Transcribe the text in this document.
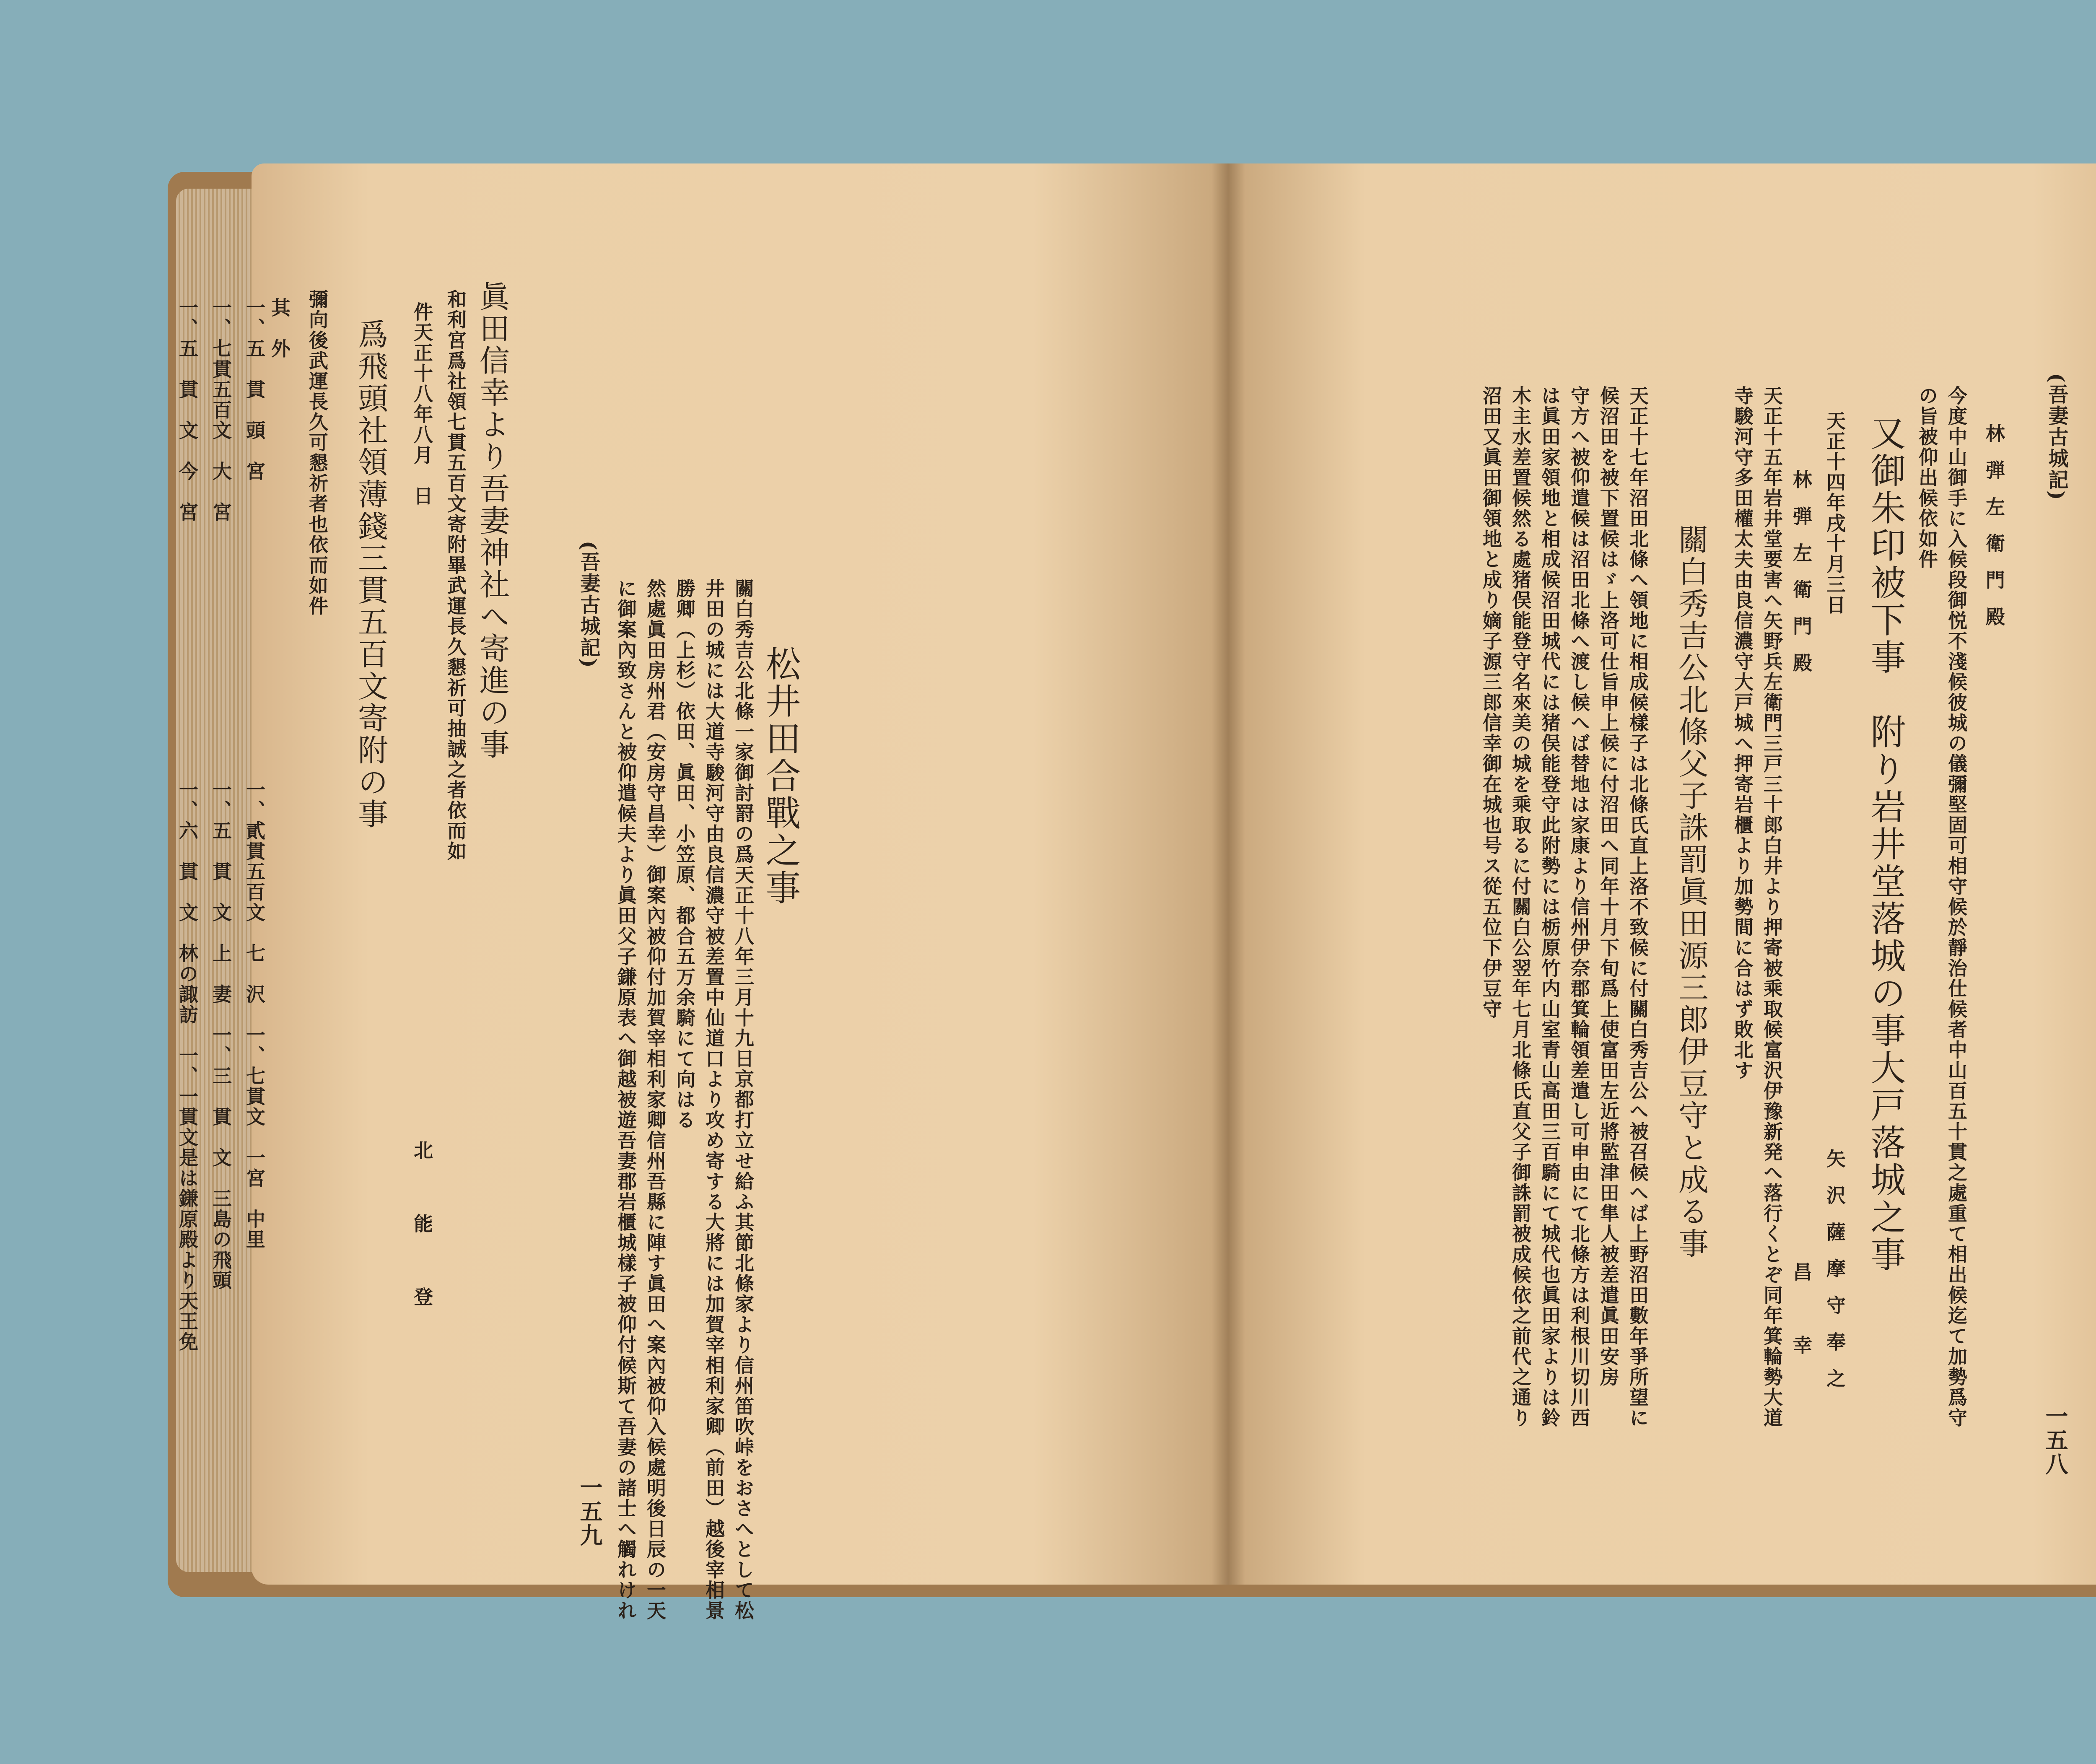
眞田信幸より吾妻神社へ寄進の事
和利宮爲社領七貫五百文寄附畢武運長久懇祈可抽誠之者依而如
件天正十八年八月　日
北　能　登
爲飛頭社領薄錢三貫五百文寄附の事
彌向後武運長久可懇祈者也依而如件
其　外
一、五　貫　頭　宮
一、七貫五百文　大　宮
一、五　貫　文　今　宮
一、貳貫五百文　七　沢　一、七貫文　一宮　中里
一、五　貫　文　上　妻　一、三　貫　文　三島の飛頭
一、六　貫　文　林の諏訪　一、一貫文是は鎌原殿より天王免
松井田合戰之事
關白秀吉公北條一家御討罸の爲天正十八年三月十九日京都打立せ給ふ其節北條家より信州笛吹峠をおさへとして松
井田の城には大道寺駿河守由良信濃守被差置中仙道口より攻め寄する大將には加賀宰相利家卿（前田）越後宰相景
勝卿（上杉）依田、眞田、小笠原、都合五万余騎にて向はる
然處眞田房州君（安房守昌幸）御案內被仰付加賀宰相利家卿信州吾縣に陣す眞田へ案內被仰入候處明後日辰の一天
に御案內致さんと被仰遣候夫より眞田父子鎌原表へ御越被遊吾妻郡岩櫃城樣子被仰付候斯て吾妻の諸士へ觸れけれ
(吾妻古城記)
一五九
(吾妻古城記)
一五八
林弾左衛門殿
今度中山御手に入候段御悦不淺候彼城の儀彌堅固可相守候於靜治仕候者中山百五十貫之處重て相出候迄て加勢爲守
の旨被仰出候依如件
又御朱印被下事　附り岩井堂落城の事大戸落城之事
天正十四年戌十月三日
林弾左衛門殿
矢沢薩摩守奉之
昌　幸
天正十五年岩井堂要害へ矢野兵左衛門三戸三十郎白井より押寄被乘取候富沢伊豫新発へ落行くとぞ同年箕輪勢大道
寺駿河守多田權太夫由良信濃守大戸城へ押寄岩櫃より加勢間に合はず敗北す
關白秀吉公北條父子誅罰眞田源三郎伊豆守と成る事
天正十七年沼田北條へ領地に相成候樣子は北條氏直上洛不致候に付關白秀吉公へ被召候へば上野沼田數年爭所望に
候沼田を被下置候はゞ上洛可仕旨申上候に付沼田へ同年十月下旬爲上使富田左近將監津田隼人被差遣眞田安房
守方へ被仰遣候は沼田北條へ渡し候へば替地は家康より信州伊奈郡箕輪領差遣し可申由にて北條方は利根川切川西
は眞田家領地と相成候沼田城代には猪俣能登守此附勢には栃原竹内山室青山高田三百騎にて城代也眞田家よりは鈴
木主水差置候然る處猪俣能登守名來美の城を乘取るに付關白公翌年七月北條氏直父子御誅罰被成候依之前代之通り
沼田又眞田御領地と成り嫡子源三郎信幸御在城也号ス從五位下伊豆守
